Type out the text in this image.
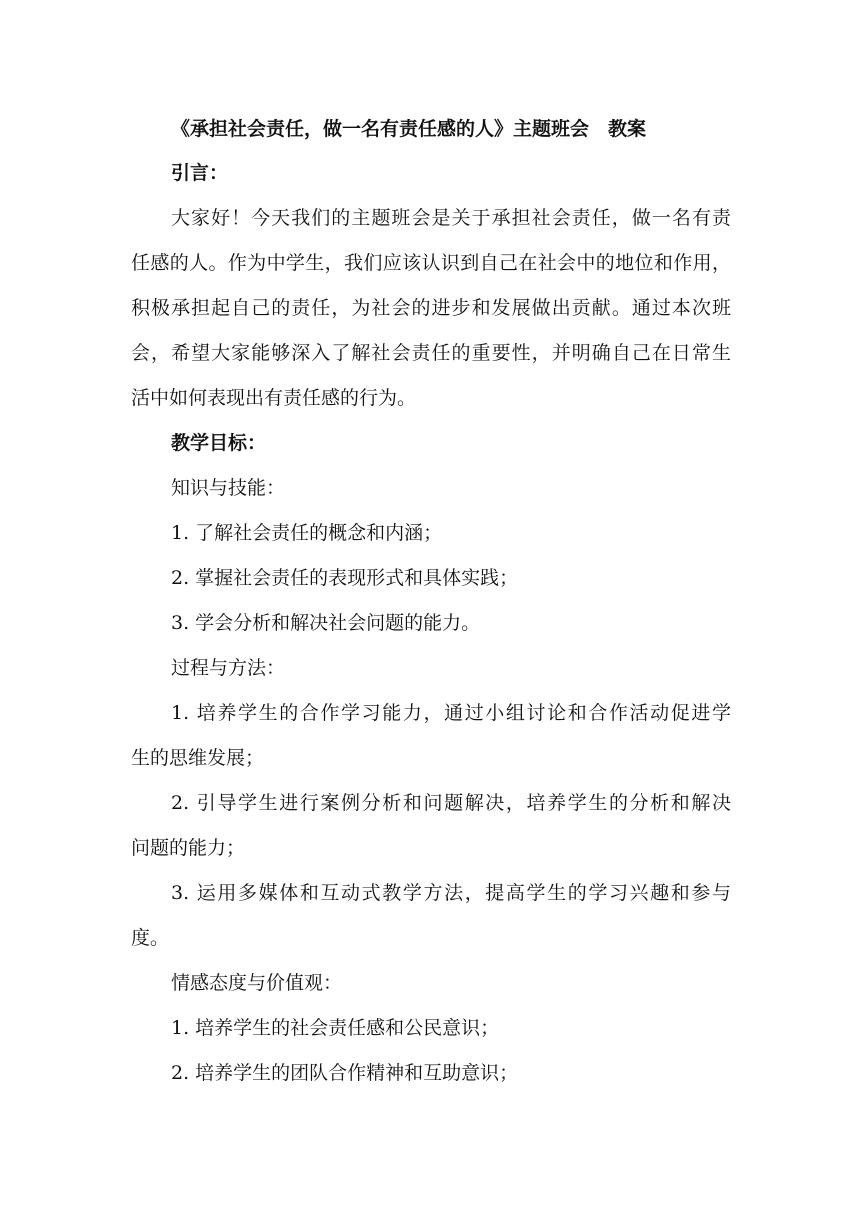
《承担社会责任，做一名有责任感的人》主题班会　教案
引言：
大家好！今天我们的主题班会是关于承担社会责任，做一名有责
任感的人。作为中学生，我们应该认识到自己在社会中的地位和作用，
积极承担起自己的责任，为社会的进步和发展做出贡献。通过本次班
会，希望大家能够深入了解社会责任的重要性，并明确自己在日常生
活中如何表现出有责任感的行为。
教学目标：
知识与技能：
1. 了解社会责任的概念和内涵；
2. 掌握社会责任的表现形式和具体实践；
3. 学会分析和解决社会问题的能力。
过程与方法：
1. 培养学生的合作学习能力，通过小组讨论和合作活动促进学
生的思维发展；
2. 引导学生进行案例分析和问题解决，培养学生的分析和解决
问题的能力；
3. 运用多媒体和互动式教学方法，提高学生的学习兴趣和参与
度。
情感态度与价值观：
1. 培养学生的社会责任感和公民意识；
2. 培养学生的团队合作精神和互助意识；
